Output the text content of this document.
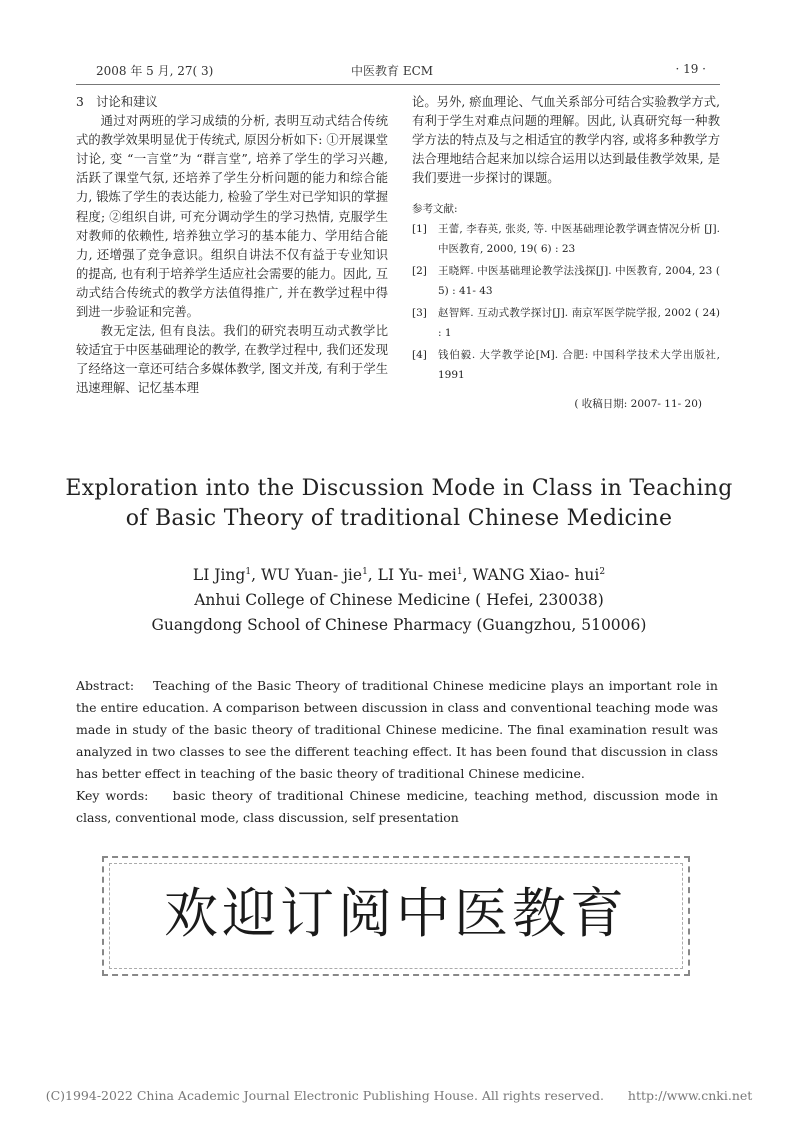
2008 年 5 月, 27( 3)	中医教育 ECM	· 19 ·

3　讨论和建议

通过对两班的学习成绩的分析, 表明互动式结合传统式的教学效果明显优于传统式, 原因分析如下: ①开展课堂讨论, 变 “一言堂”为 “群言堂”, 培养了学生的学习兴趣, 活跃了课堂气氛, 还培养了学生分析问题的能力和综合能力, 锻炼了学生的表达能力, 检验了学生对已学知识的掌握程度; ②组织自讲, 可充分调动学生的学习热情, 克服学生对教师的依赖性, 培养独立学习的基本能力、学用结合能力, 还增强了竞争意识。组织自讲法不仅有益于专业知识的提高, 也有利于培养学生适应社会需要的能力。因此, 互动式结合传统式的教学方法值得推广, 并在教学过程中得到进一步验证和完善。

教无定法, 但有良法。我们的研究表明互动式教学比较适宜于中医基础理论的教学, 在教学过程中, 我们还发现了经络这一章还可结合多媒体教学, 图文并茂, 有利于学生迅速理解、记忆基本理

论。另外, 瘀血理论、气血关系部分可结合实验教学方式, 有利于学生对难点问题的理解。因此, 认真研究每一种教学方法的特点及与之相适宜的教学内容, 或将多种教学方法合理地结合起来加以综合运用以达到最佳教学效果, 是我们要进一步探讨的课题。

参考文献:
[1] 王蕾, 李春英, 张炎, 等. 中医基础理论教学调查情况分析 [J]. 中医教育, 2000, 19( 6) : 23
[2] 王晓辉. 中医基础理论教学法浅探[J]. 中医教育, 2004, 23 ( 5) : 41- 43
[3] 赵智辉. 互动式教学探讨[J]. 南京军医学院学报, 2002 ( 24) : 1
[4] 钱伯毅. 大学教学论[M]. 合肥: 中国科学技术大学出版社, 1991
( 收稿日期: 2007- 11- 20)
Exploration into the Discussion Mode in Class in Teaching
of Basic Theory of traditional Chinese Medicine
LI Jing$^1$, WU Yuan- jie$^1$, LI Yu- mei$^1$, WANG Xiao- hui$^2$
Anhui College of Chinese Medicine ( Hefei, 230038)
Guangdong School of Chinese Pharmacy (Guangzhou, 510006)

Abstract: Teaching of the Basic Theory of traditional Chinese medicine plays an important role in the entire education. A comparison between discussion in class and conventional teaching mode was made in study of the basic theory of traditional Chinese medicine. The final examination result was analyzed in two classes to see the different teaching effect. It has been found that discussion in class has better effect in teaching of the basic theory of traditional Chinese medicine.

Key words: basic theory of traditional Chinese medicine, teaching method, discussion mode in class, conventional mode, class discussion, self presentation

欢迎订阅中医教育
(C)1994-2022 China Academic Journal Electronic Publishing House. All rights reserved. http://www.cnki.net
